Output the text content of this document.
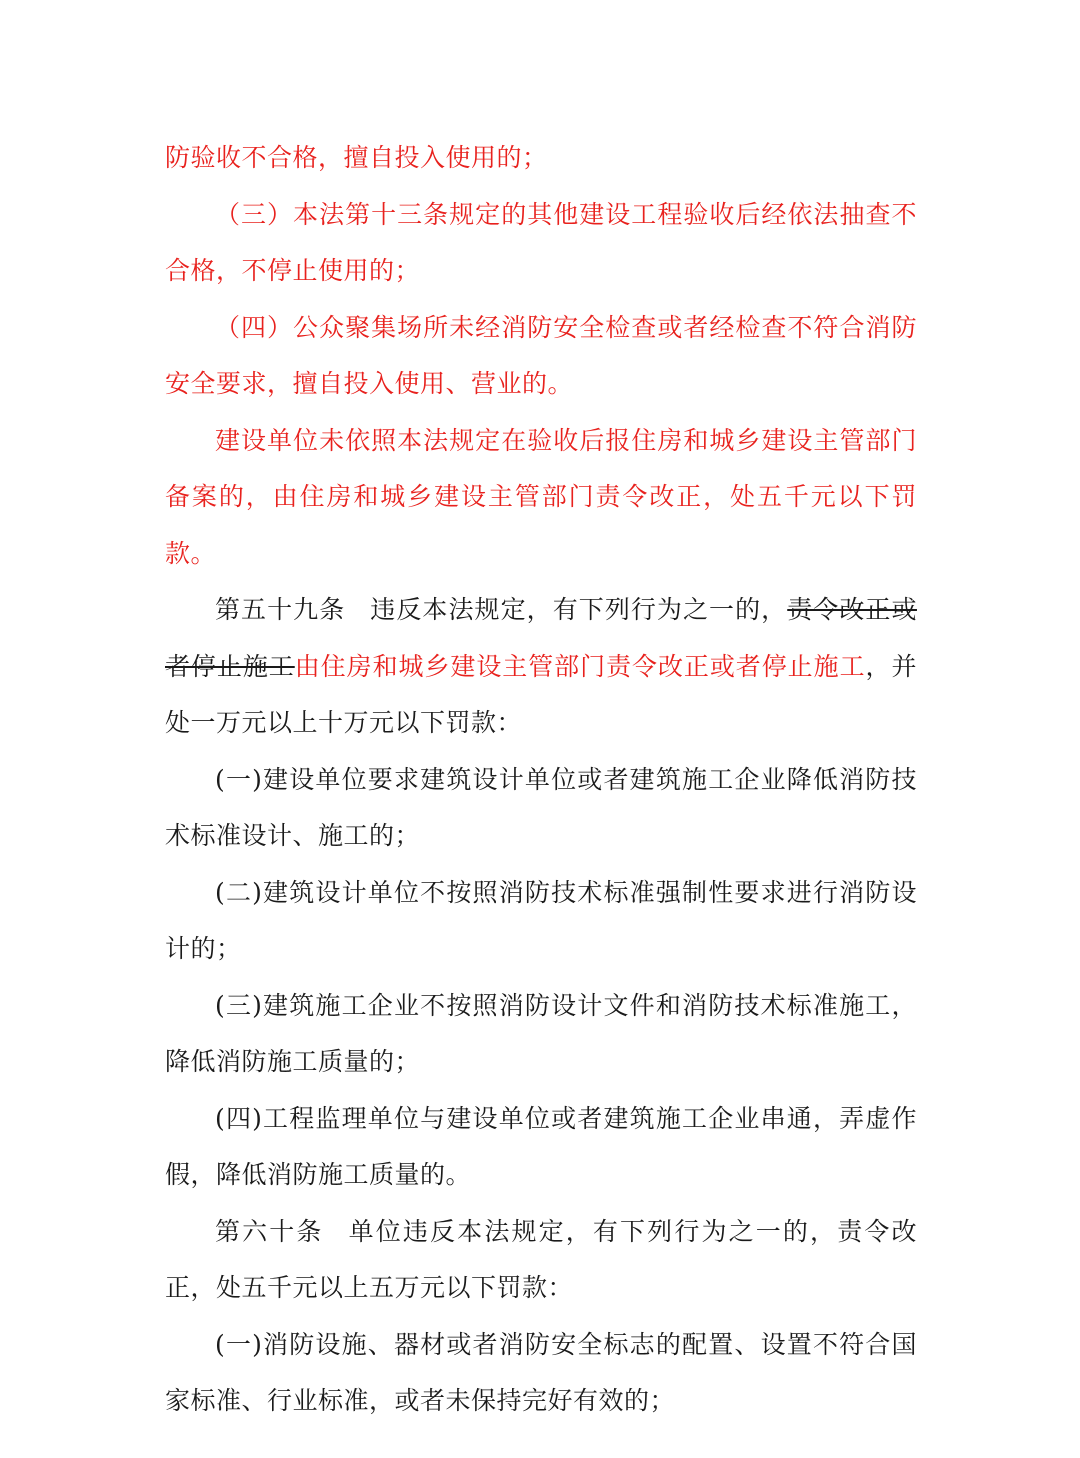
防验收不合格，擅自投入使用的；

（三）本法第十三条规定的其他建设工程验收后经依法抽查不合格，不停止使用的；

（四）公众聚集场所未经消防安全检查或者经检查不符合消防安全要求，擅自投入使用、营业的。

建设单位未依照本法规定在验收后报住房和城乡建设主管部门备案的，由住房和城乡建设主管部门责令改正，处五千元以下罚款。

第五十九条 违反本法规定，有下列行为之一的，责令改正或者停止施工由住房和城乡建设主管部门责令改正或者停止施工，并处一万元以上十万元以下罚款：

(一)建设单位要求建筑设计单位或者建筑施工企业降低消防技术标准设计、施工的；

(二)建筑设计单位不按照消防技术标准强制性要求进行消防设计的；

(三)建筑施工企业不按照消防设计文件和消防技术标准施工，降低消防施工质量的；

(四)工程监理单位与建设单位或者建筑施工企业串通，弄虚作假，降低消防施工质量的。

第六十条 单位违反本法规定，有下列行为之一的，责令改正，处五千元以上五万元以下罚款：

(一)消防设施、器材或者消防安全标志的配置、设置不符合国家标准、行业标准，或者未保持完好有效的；
